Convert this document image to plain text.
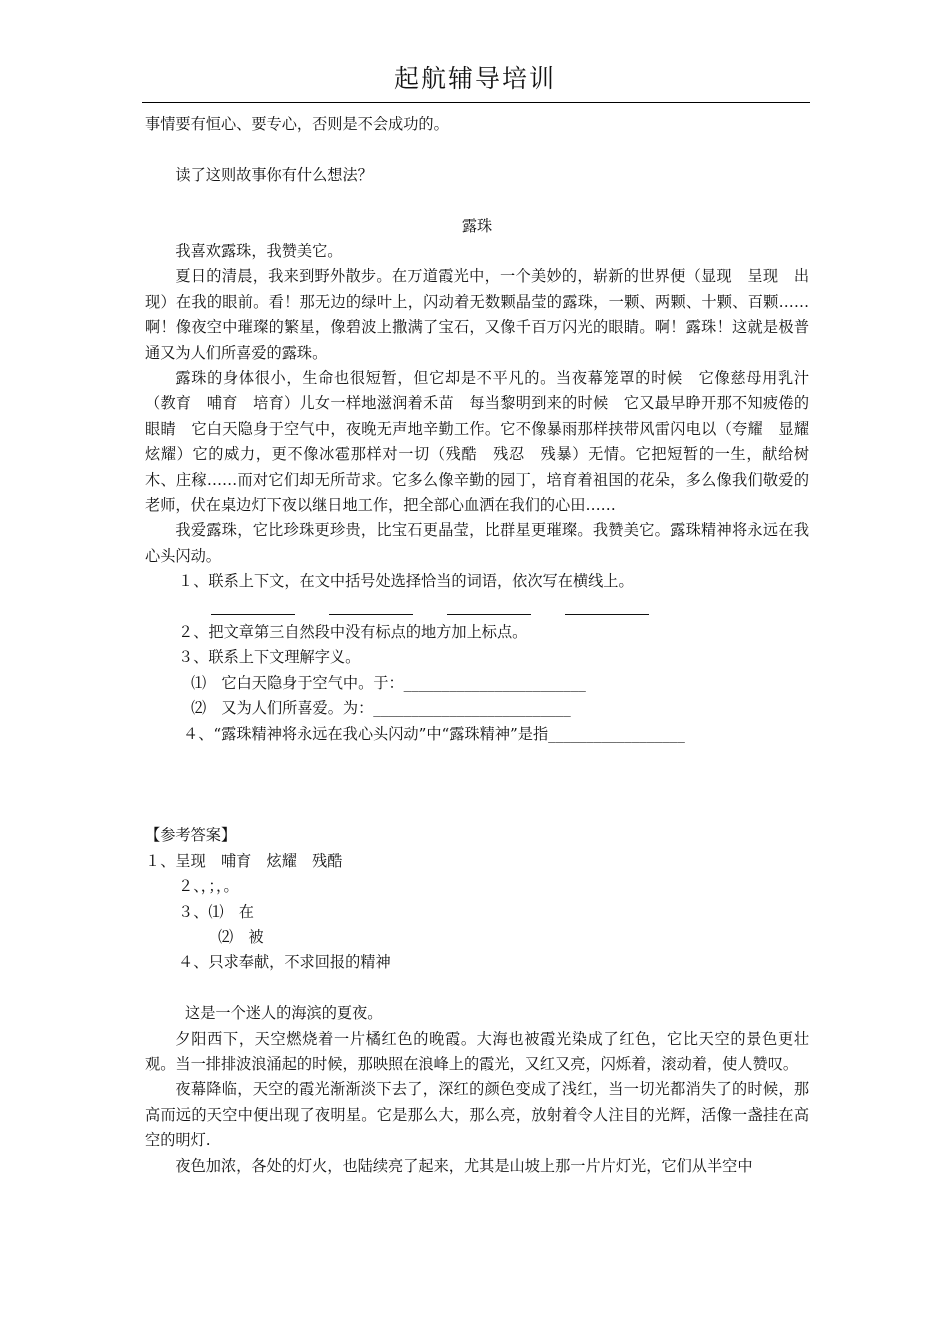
起航辅导培训

事情要有恒心、要专心，否则是不会成功的。

读了这则故事你有什么想法？

露珠

我喜欢露珠，我赞美它。

夏日的清晨，我来到野外散步。在万道霞光中，一个美妙的，崭新的世界便（显现　呈现　出现）在我的眼前。看！那无边的绿叶上，闪动着无数颗晶莹的露珠，一颗、两颗、十颗、百颗……啊！像夜空中璀璨的繁星，像碧波上撒满了宝石，又像千百万闪光的眼睛。啊！露珠！这就是极普通又为人们所喜爱的露珠。

露珠的身体很小，生命也很短暂，但它却是不平凡的。当夜幕笼罩的时候　它像慈母用乳汁（教育　哺育　培育）儿女一样地滋润着禾苗　每当黎明到来的时候　它又最早睁开那不知疲倦的眼睛　它白天隐身于空气中，夜晚无声地辛勤工作。它不像暴雨那样挟带风雷闪电以（夸耀　显耀　炫耀）它的威力，更不像冰雹那样对一切（残酷　残忍　残暴）无情。它把短暂的一生，献给树木、庄稼……而对它们却无所苛求。它多么像辛勤的园丁，培育着祖国的花朵，多么像我们敬爱的老师，伏在桌边灯下夜以继日地工作，把全部心血洒在我们的心田……

我爱露珠，它比珍珠更珍贵，比宝石更晶莹，比群星更璀璨。我赞美它。露珠精神将永远在我心头闪动。

１、联系上下文，在文中括号处选择恰当的词语，依次写在横线上。

２、把文章第三自然段中没有标点的地方加上标点。

３、联系上下文理解字义。

⑴　它白天隐身于空气中。于：________________________

⑵　又为人们所喜爱。为：__________________________

４、“露珠精神将永远在我心头闪动”中“露珠精神”是指__________________

【参考答案】

１、呈现　哺育　炫耀　残酷

２、，；，。

３、⑴　在

⑵　被

４、只求奉献，不求回报的精神

这是一个迷人的海滨的夏夜。

夕阳西下，天空燃烧着一片橘红色的晚霞。大海也被霞光染成了红色，它比天空的景色更壮观。当一排排波浪涌起的时候，那映照在浪峰上的霞光，又红又亮，闪烁着，滚动着，使人赞叹。

夜幕降临，天空的霞光渐渐淡下去了，深红的颜色变成了浅红，当一切光都消失了的时候，那高而远的天空中便出现了夜明星。它是那么大，那么亮，放射着令人注目的光辉，活像一盏挂在高空的明灯.

夜色加浓，各处的灯火，也陆续亮了起来，尤其是山坡上那一片片灯光，它们从半空中
